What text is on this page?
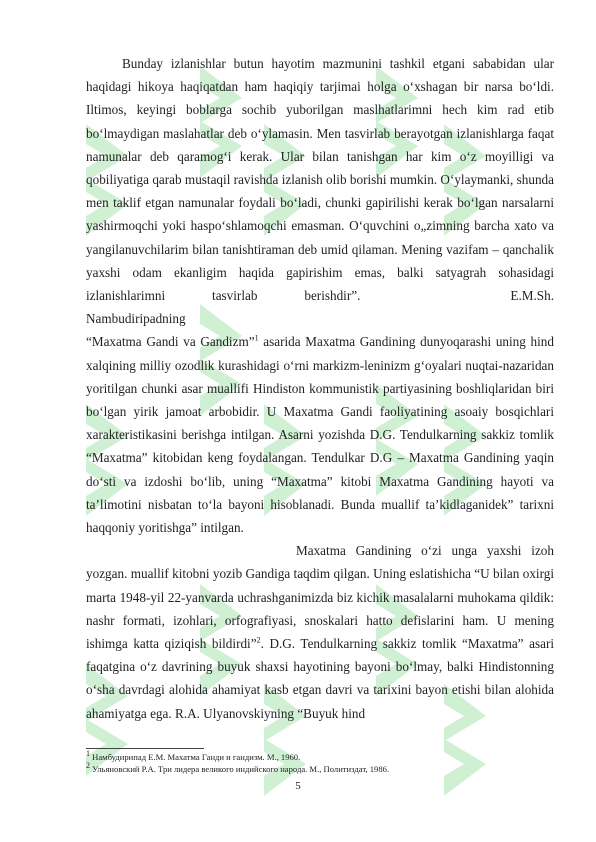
Bunday izlanishlar butun hayotim mazmunini tashkil etgani sababidan ular haqidagi hikoya haqiqatdan ham haqiqiy tarjimai holga o‘xshagan bir narsa bo‘ldi. Iltimos, keyingi boblarga sochib yuborilgan maslhatlarimni hech kim rad etib bo‘lmaydigan maslahatlar deb o‘ylamasin. Men tasvirlab berayotgan izlanishlarga faqat namunalar deb qaramog‘i kerak. Ular bilan tanishgan har kim o‘z moyilligi va qobiliyatiga qarab mustaqil ravishda izlanish olib borishi mumkin. O‘ylaymanki, shunda men taklif etgan namunalar foydali bo‘ladi, chunki gapirilishi kerak bo‘lgan narsalarni yashirmoqchi yoki haspo‘shlamoqchi emasman. O‘quvchini o„zimning barcha xato va yangilanuvchilarim bilan tanishtiraman deb umid qilaman. Mening vazifam – qanchalik yaxshi odam ekanligim haqida gapirishim emas, balki satyagrah sohasidagi izlanishlarimni tasvirlab berishdir”.	E.M.Sh. Nambudiripadning

“Maxatma Gandi va Gandizm”$^1$ asarida Maxatma Gandining dunyoqarashi uning hind xalqining milliy ozodlik kurashidagi o‘rni markizm-leninizm g‘oyalari nuqtai-nazaridan yoritilgan chunki asar muallifi Hindiston kommunistik partiyasining boshliqlaridan biri bo‘lgan yirik jamoat arbobidir. U Maxatma Gandi faoliyatining asoaiy bosqichlari xarakteristikasini berishga intilgan. Asarni yozishda D.G. Tendulkarning sakkiz tomlik “Maxatma” kitobidan keng foydalangan. Tendulkar D.G – Maxatma Gandining yaqin do‘sti va izdoshi bo‘lib, uning “Maxatma” kitobi Maxatma Gandining hayoti va ta’limotini nisbatan to‘la bayoni hisoblanadi. Bunda muallif ta’kidlaganidek” tarixni haqqoniy yoritishga” intilgan.

Maxatma Gandining o‘zi unga yaxshi izoh yozgan. muallif kitobni yozib Gandiga taqdim qilgan. Uning eslatishicha “U bilan oxirgi marta 1948-yil 22-yanvarda uchrashganimizda biz kichik masalalarni muhokama qildik: nashr formati, izohlari, orfografiyasi, snoskalari hatto defislarini ham. U mening ishimga katta qiziqish bildirdi”$^2$. D.G. Tendulkarning sakkiz tomlik “Maxatma” asari faqatgina o‘z davrining buyuk shaxsi hayotining bayoni bo‘lmay, balki Hindistonning o‘sha davrdagi alohida ahamiyat kasb etgan davri va tarixini bayon etishi bilan alohida ahamiyatga ega. R.A. Ulyanovskiyning “Buyuk hind

$^1$ Намбудирипад Е.М. Махатма Ганди и гандизм. М., 1960.
$^2$ Ульяновский Р.А. Три лидера великого индийского народа. М., Политиздат, 1986.
5
